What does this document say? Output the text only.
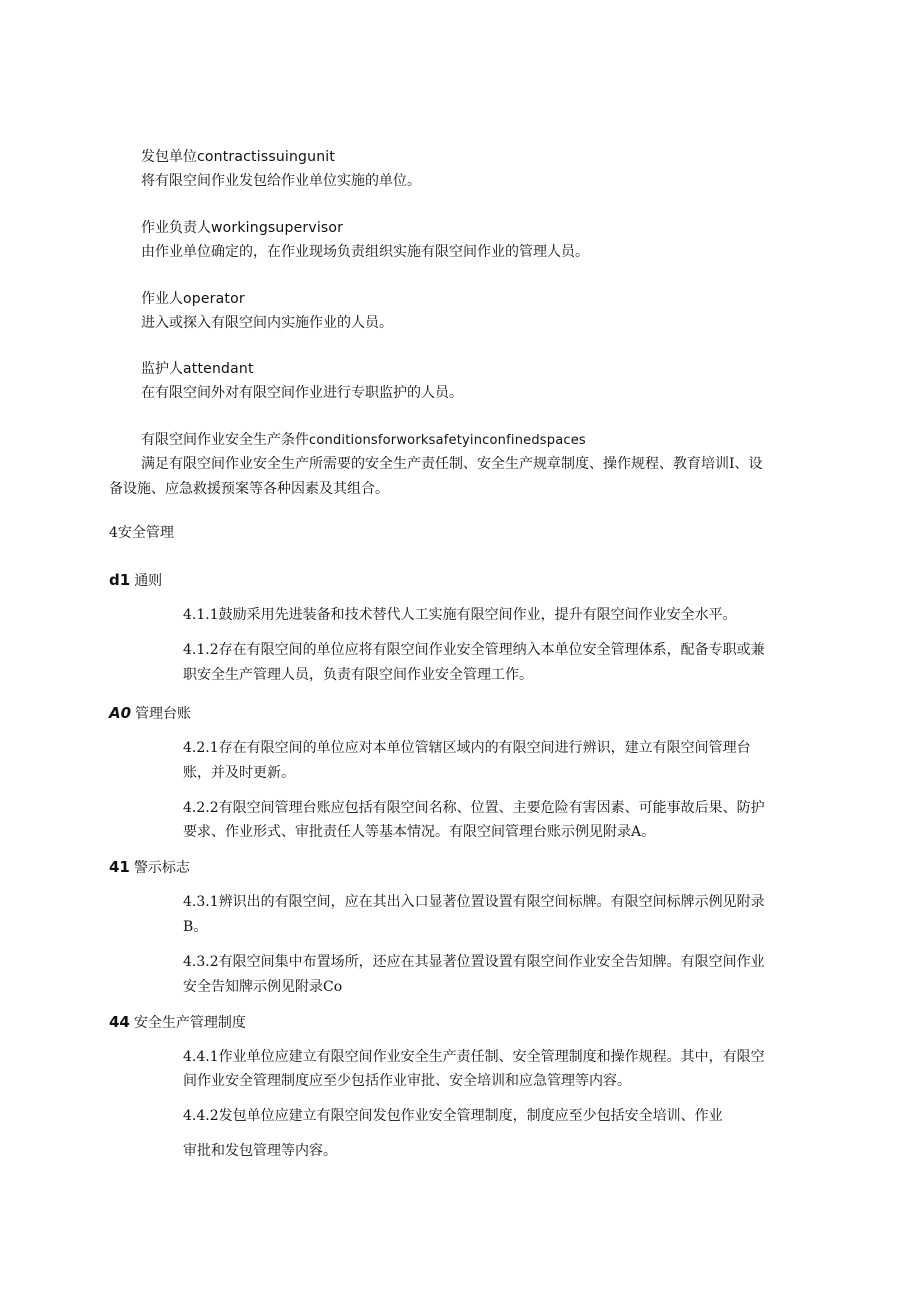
发包单位contractissuingunit
将有限空间作业发包给作业单位实施的单位。
作业负责人workingsupervisor
由作业单位确定的，在作业现场负责组织实施有限空间作业的管理人员。
作业人operator
进入或探入有限空间内实施作业的人员。
监护人attendant
在有限空间外对有限空间作业进行专职监护的人员。
有限空间作业安全生产条件conditionsforworksafetyinconfinedspaces
满足有限空间作业安全生产所需要的安全生产责任制、安全生产规章制度、操作规程、教育培训I、设
备设施、应急救援预案等各种因素及其组合。
4安全管理
d1 通则
4.1.1鼓励采用先进装备和技术替代人工实施有限空间作业，提升有限空间作业安全水平。
4.1.2存在有限空间的单位应将有限空间作业安全管理纳入本单位安全管理体系，配备专职或兼
职安全生产管理人员，负责有限空间作业安全管理工作。
A0 管理台账
4.2.1存在有限空间的单位应对本单位管辖区域内的有限空间进行辨识，建立有限空间管理台
账，并及时更新。
4.2.2有限空间管理台账应包括有限空间名称、位置、主要危险有害因素、可能事故后果、防护
要求、作业形式、审批责任人等基本情况。有限空间管理台账示例见附录A。
41 警示标志
4.3.1辨识出的有限空间，应在其出入口显著位置设置有限空间标牌。有限空间标牌示例见附录
B。
4.3.2有限空间集中布置场所，还应在其显著位置设置有限空间作业安全告知牌。有限空间作业
安全告知牌示例见附录Co
44 安全生产管理制度
4.4.1作业单位应建立有限空间作业安全生产责任制、安全管理制度和操作规程。其中，有限空
间作业安全管理制度应至少包括作业审批、安全培训和应急管理等内容。
4.4.2发包单位应建立有限空间发包作业安全管理制度，制度应至少包括安全培训、作业
审批和发包管理等内容。
